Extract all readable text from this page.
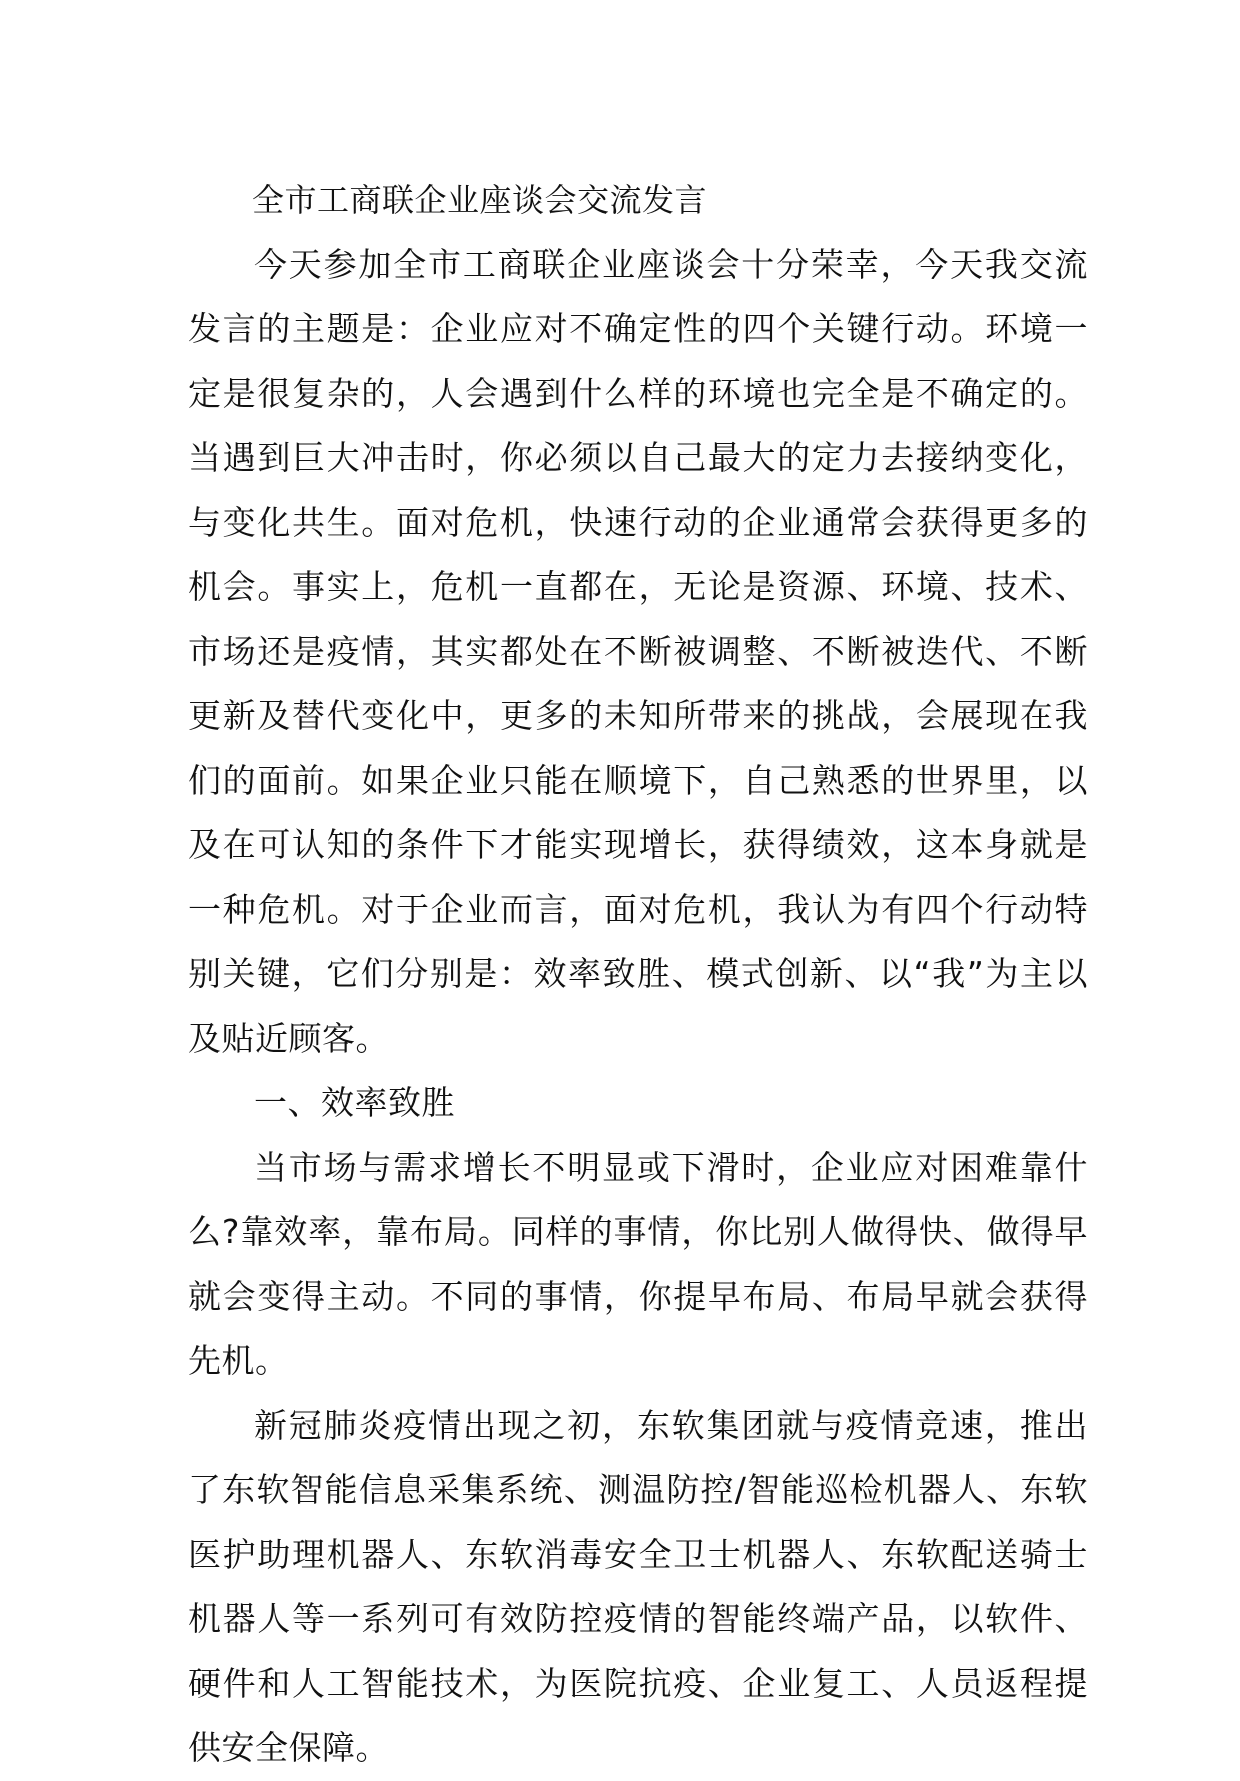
全市工商联企业座谈会交流发言

今天参加全市工商联企业座谈会十分荣幸，今天我交流发言的主题是：企业应对不确定性的四个关键行动。环境一定是很复杂的，人会遇到什么样的环境也完全是不确定的。当遇到巨大冲击时，你必须以自己最大的定力去接纳变化，与变化共生。面对危机，快速行动的企业通常会获得更多的机会。事实上，危机一直都在，无论是资源、环境、技术、市场还是疫情，其实都处在不断被调整、不断被迭代、不断更新及替代变化中，更多的未知所带来的挑战，会展现在我们的面前。如果企业只能在顺境下，自己熟悉的世界里，以及在可认知的条件下才能实现增长，获得绩效，这本身就是一种危机。对于企业而言，面对危机，我认为有四个行动特别关键，它们分别是：效率致胜、模式创新、以“我”为主以及贴近顾客。

一、效率致胜

当市场与需求增长不明显或下滑时，企业应对困难靠什么?靠效率，靠布局。同样的事情，你比别人做得快、做得早就会变得主动。不同的事情，你提早布局、布局早就会获得先机。

新冠肺炎疫情出现之初，东软集团就与疫情竞速，推出了东软智能信息采集系统、测温防控/智能巡检机器人、东软医护助理机器人、东软消毒安全卫士机器人、东软配送骑士机器人等一系列可有效防控疫情的智能终端产品，以软件、硬件和人工智能技术，为医院抗疫、企业复工、人员返程提供安全保障。
